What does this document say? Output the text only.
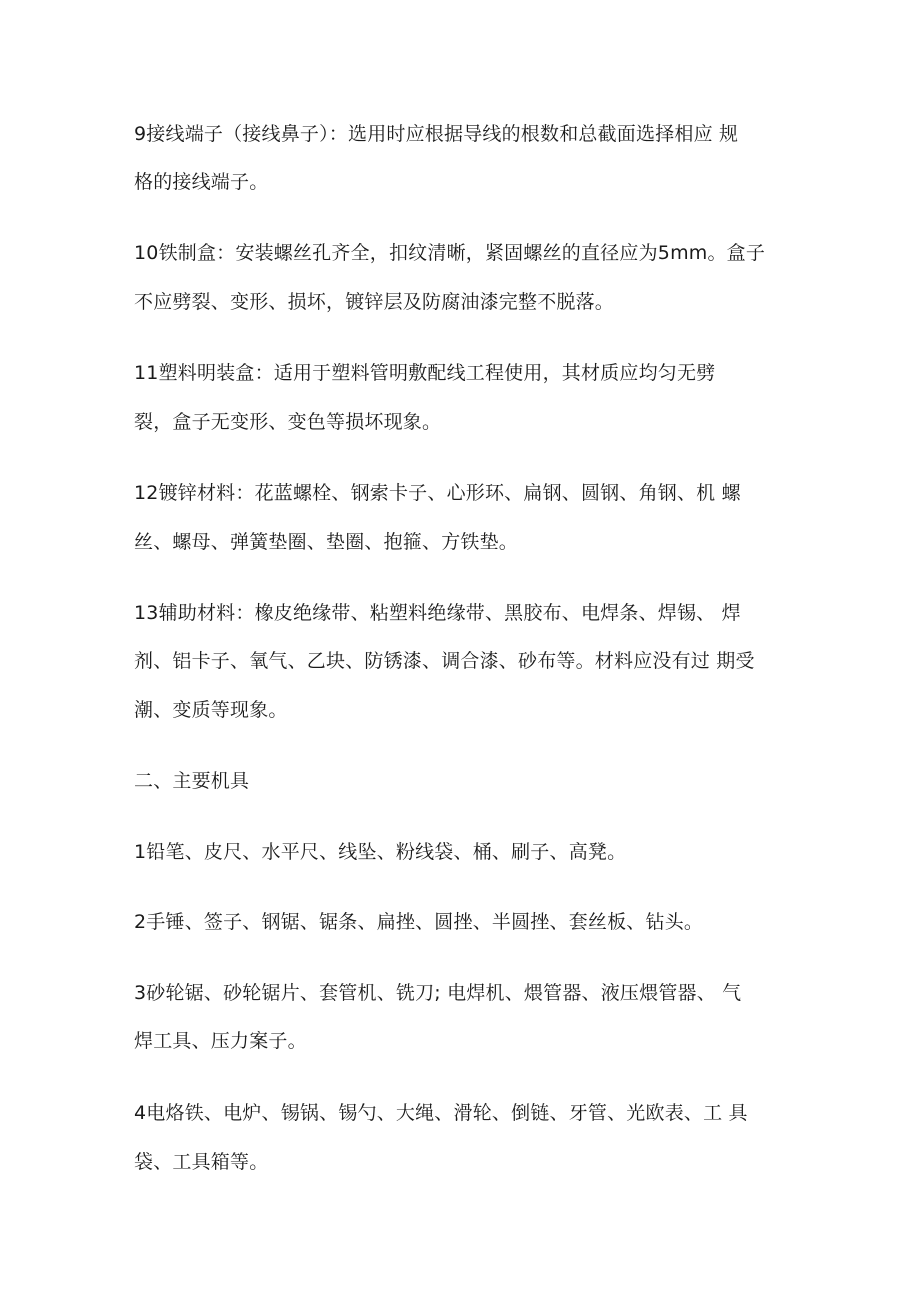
9接线端子（接线鼻子）：选用时应根据导线的根数和总截面选择相应 规
格的接线端子。
10铁制盒：安装螺丝孔齐全，扣纹清晰，紧固螺丝的直径应为5mm。盒子
不应劈裂、变形、损坏，镀锌层及防腐油漆完整不脱落。
11塑料明装盒：适用于塑料管明敷配线工程使用，其材质应均匀无劈
裂，盒子无变形、变色等损坏现象。
12镀锌材料：花蓝螺栓、钢索卡子、心形环、扁钢、圆钢、角钢、机 螺
丝、螺母、弹簧垫圈、垫圈、抱箍、方铁垫。
13辅助材料：橡皮绝缘带、粘塑料绝缘带、黑胶布、电焊条、焊锡、 焊
剂、铝卡子、氧气、乙块、防锈漆、调合漆、砂布等。材料应没有过 期受
潮、变质等现象。
二、主要机具
1铅笔、皮尺、水平尺、线坠、粉线袋、桶、刷子、高凳。
2手锤、签子、钢锯、锯条、扁挫、圆挫、半圆挫、套丝板、钻头。
3砂轮锯、砂轮锯片、套管机、铣刀; 电焊机、煨管器、液压煨管器、 气
焊工具、压力案子。
4电烙铁、电炉、锡锅、锡勺、大绳、滑轮、倒链、牙管、光欧表、工 具
袋、工具箱等。
